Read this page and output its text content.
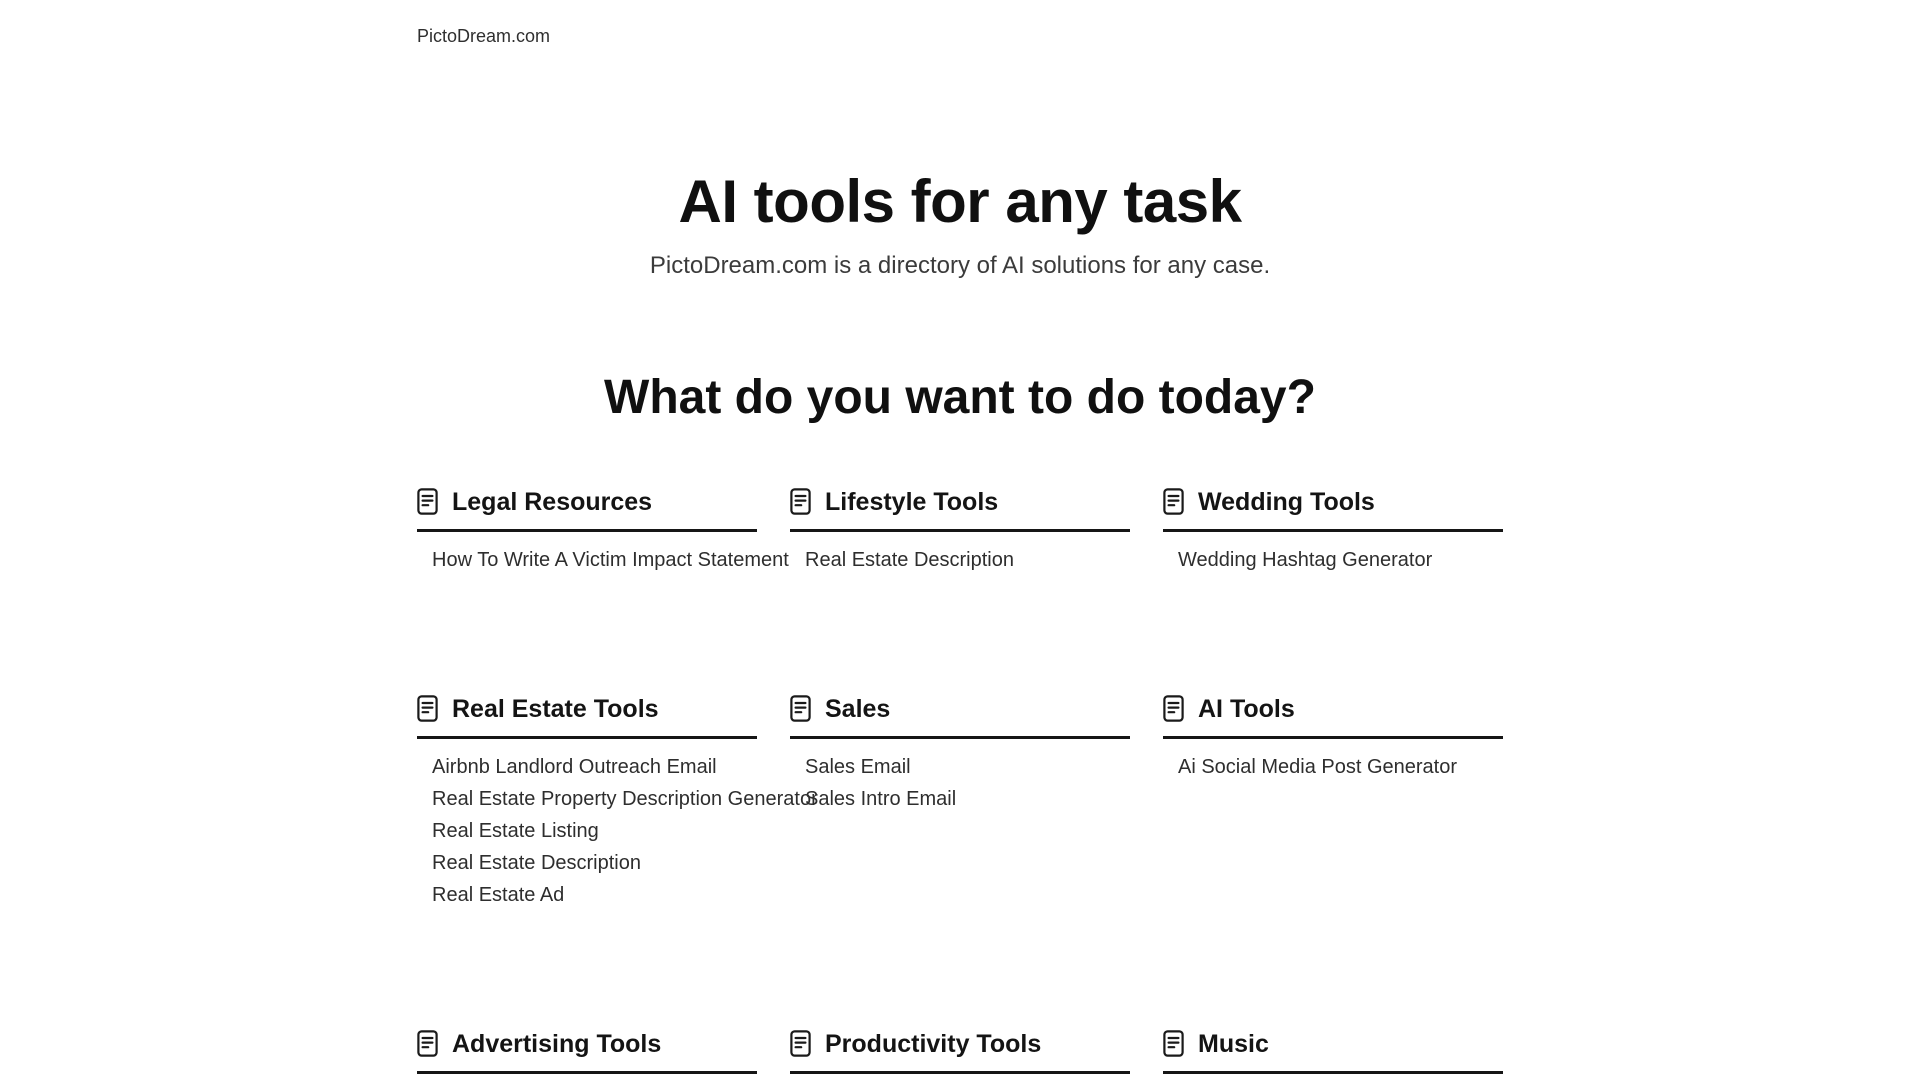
PictoDream.com
AI tools for any task

PictoDream.com is a directory of AI solutions for any case.

What do you want to do today?
Legal Resources
How To Write A Victim Impact Statement
Lifestyle Tools
Real Estate Description
Wedding Tools
Wedding Hashtag Generator
Real Estate Tools
Airbnb Landlord Outreach Email
Real Estate Property Description Generator
Real Estate Listing
Real Estate Description
Real Estate Ad
Sales
Sales Email
Sales Intro Email
AI Tools
Ai Social Media Post Generator
Advertising Tools	Productivity Tools	Music
